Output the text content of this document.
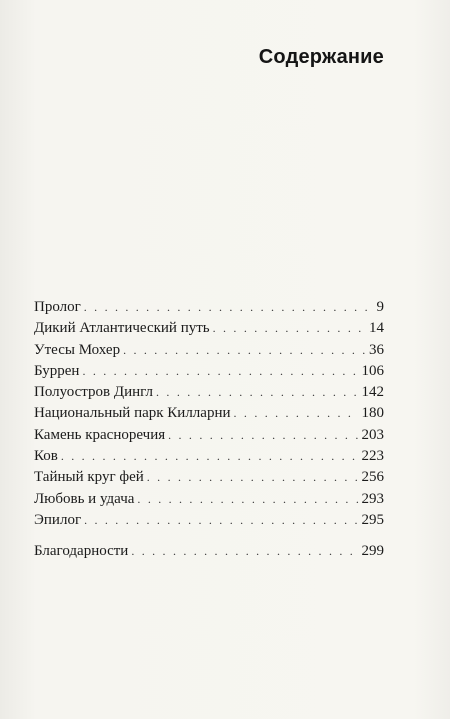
Содержание
Пролог . . .	9
Дикий Атлантический путь . . .	14
Утесы Мохер . . .	36
Буррен . . .	106
Полуостров Дингл . . .	142
Национальный парк Килларни . . .	180
Камень красноречия . . .	203
Ков . . .	223
Тайный круг фей . . .	256
Любовь и удача . . .	293
Эпилог . . .	295
Благодарности . . .	299
